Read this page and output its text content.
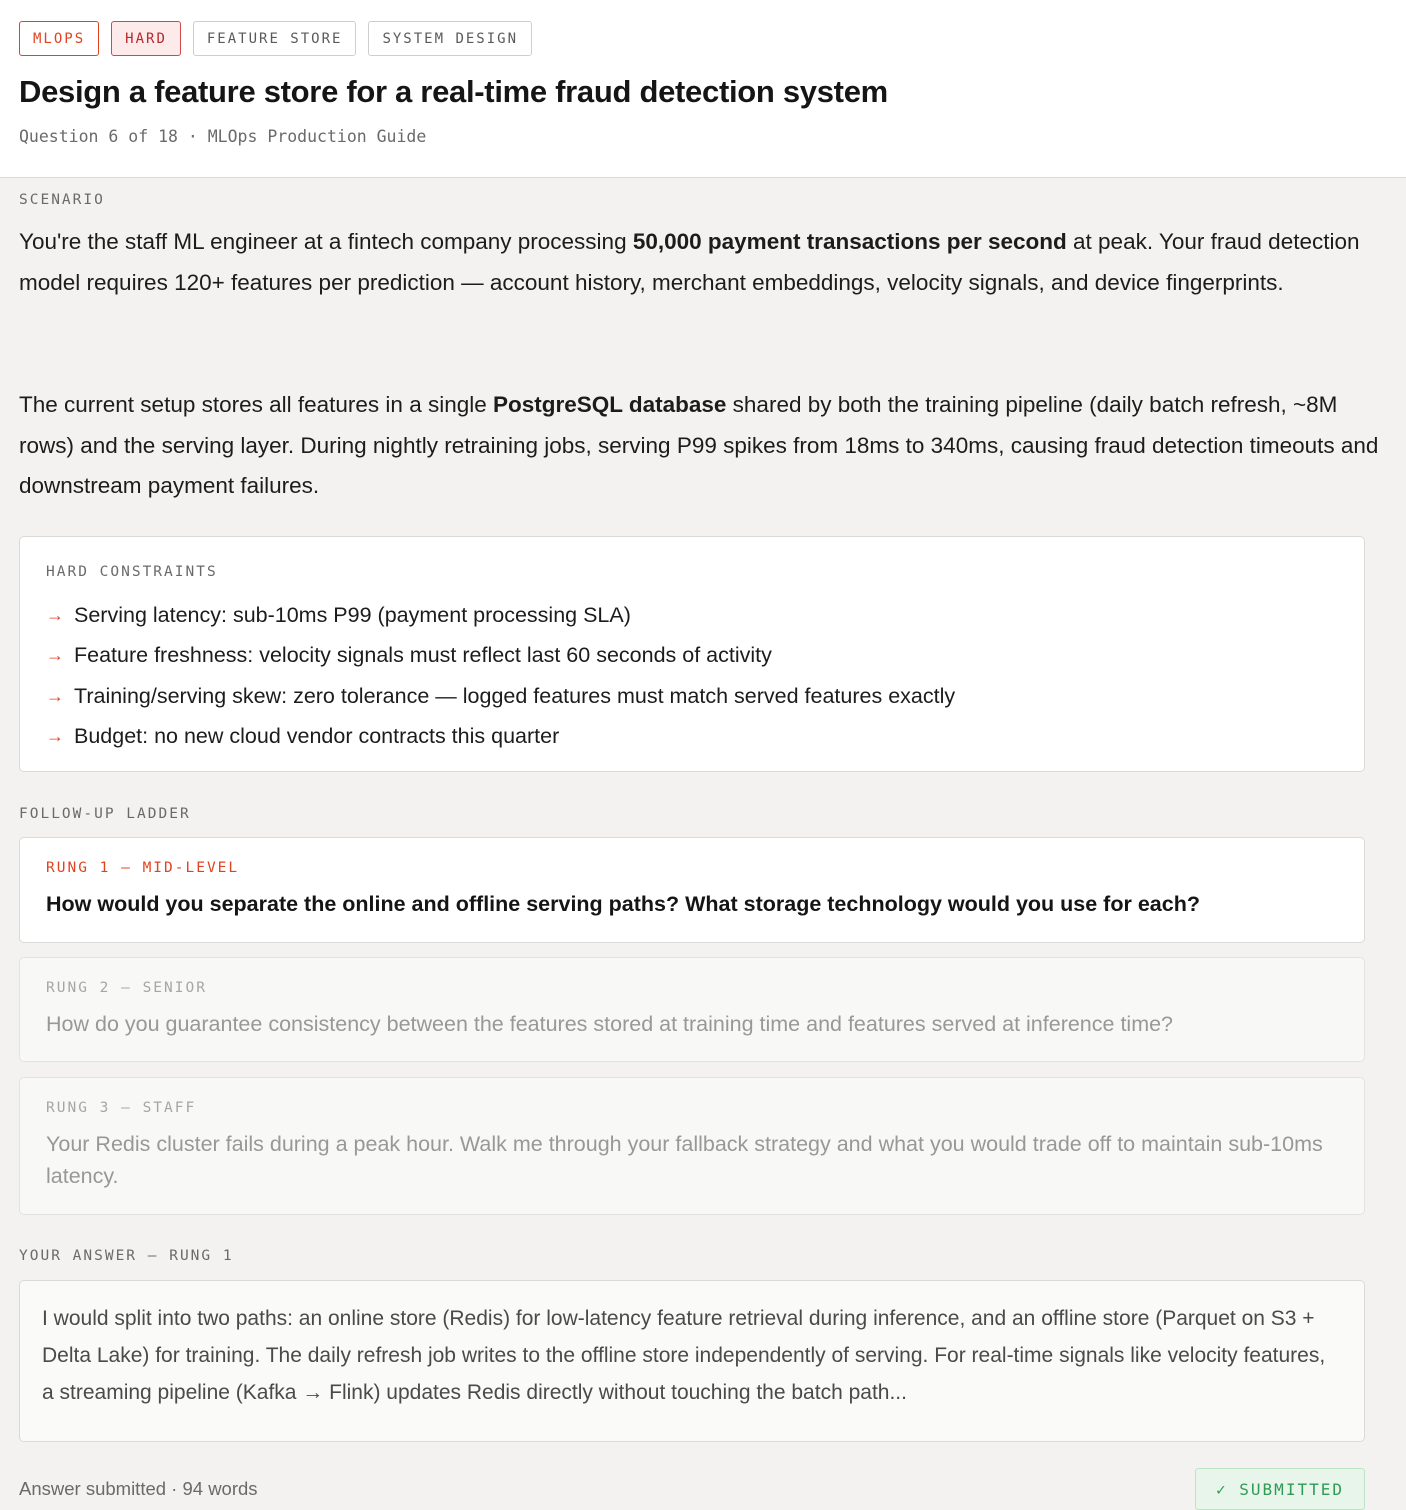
MLOPS	HARD	FEATURE STORE	SYSTEM DESIGN
Design a feature store for a real-time fraud detection system
Question 6 of 18 · MLOps Production Guide
SCENARIO

You're the staff ML engineer at a fintech company processing 50,000 payment transactions per second at peak. Your fraud detection model requires 120+ features per prediction — account history, merchant embeddings, velocity signals, and device fingerprints.

The current setup stores all features in a single PostgreSQL database shared by both the training pipeline (daily batch refresh, ~8M rows) and the serving layer. During nightly retraining jobs, serving P99 spikes from 18ms to 340ms, causing fraud detection timeouts and downstream payment failures.

HARD CONSTRAINTS
→ Serving latency: sub-10ms P99 (payment processing SLA)
→ Feature freshness: velocity signals must reflect last 60 seconds of activity
→ Training/serving skew: zero tolerance — logged features must match served features exactly
→ Budget: no new cloud vendor contracts this quarter
FOLLOW-UP LADDER
RUNG 1 — MID-LEVEL
How would you separate the online and offline serving paths? What storage technology would you use for each?
RUNG 2 — SENIOR
How do you guarantee consistency between the features stored at training time and features served at inference time?
RUNG 3 — STAFF
Your Redis cluster fails during a peak hour. Walk me through your fallback strategy and what you would trade off to maintain sub-10ms latency.
YOUR ANSWER — RUNG 1
I would split into two paths: an online store (Redis) for low-latency feature retrieval during inference, and an offline store (Parquet on S3 + Delta Lake) for training. The daily refresh job writes to the offline store independently of serving. For real-time signals like velocity features, a streaming pipeline (Kafka → Flink) updates Redis directly without touching the batch path...
Answer submitted · 94 words	✓ SUBMITTED
